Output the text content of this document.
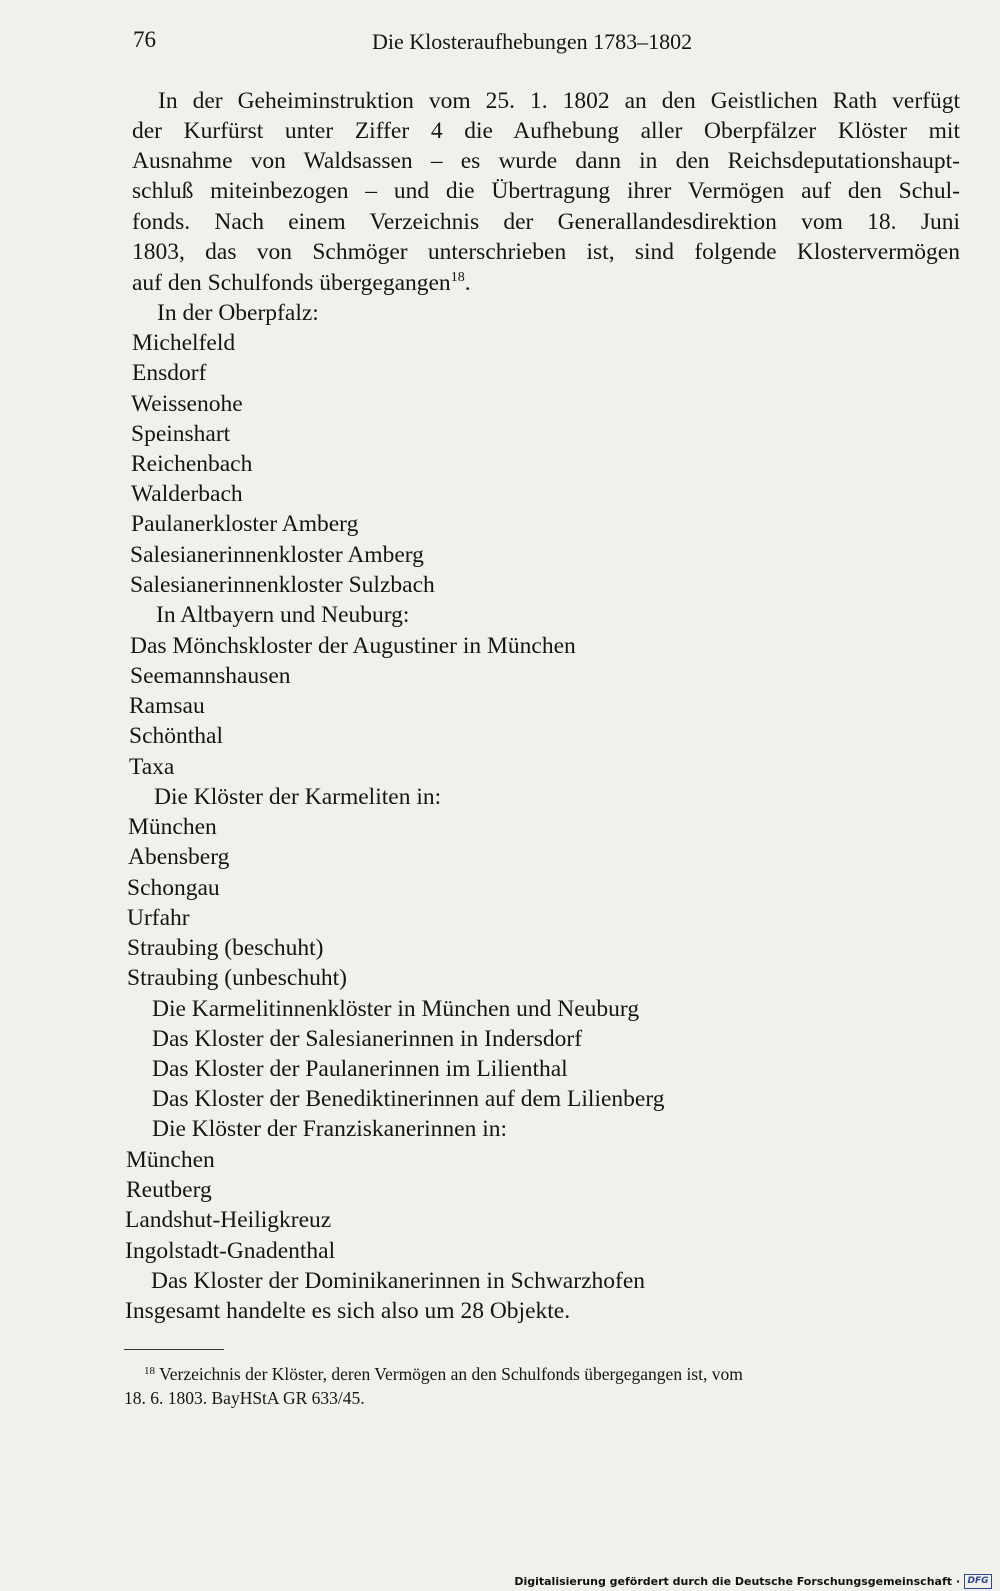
76	Die Klosteraufhebungen 1783–1802
In der Geheiminstruktion vom 25. 1. 1802 an den Geistlichen Rath verfügt
der Kurfürst unter Ziffer 4 die Aufhebung aller Oberpfälzer Klöster mit
Ausnahme von Waldsassen – es wurde dann in den Reichsdeputationshaupt-
schluß miteinbezogen – und die Übertragung ihrer Vermögen auf den Schul-
fonds. Nach einem Verzeichnis der Generallandesdirektion vom 18. Juni
1803, das von Schmöger unterschrieben ist, sind folgende Klostervermögen
auf den Schulfonds übergegangen$^{18}$.
In der Oberpfalz:
Michelfeld
Ensdorf
Weissenohe
Speinshart
Reichenbach
Walderbach
Paulanerkloster Amberg
Salesianerinnenkloster Amberg
Salesianerinnenkloster Sulzbach
In Altbayern und Neuburg:
Das Mönchskloster der Augustiner in München
Seemannshausen
Ramsau
Schönthal
Taxa
Die Klöster der Karmeliten in:
München
Abensberg
Schongau
Urfahr
Straubing (beschuht)
Straubing (unbeschuht)
Die Karmelitinnenklöster in München und Neuburg
Das Kloster der Salesianerinnen in Indersdorf
Das Kloster der Paulanerinnen im Lilienthal
Das Kloster der Benediktinerinnen auf dem Lilienberg
Die Klöster der Franziskanerinnen in:
München
Reutberg
Landshut-Heiligkreuz
Ingolstadt-Gnadenthal
Das Kloster der Dominikanerinnen in Schwarzhofen
Insgesamt handelte es sich also um 28 Objekte.
$^{18}$ Verzeichnis der Klöster, deren Vermögen an den Schulfonds übergegangen ist, vom
18. 6. 1803. BayHStA GR 633/45.
Digitalisierung gefördert durch die Deutsche Forschungsgemeinschaft · DFG
